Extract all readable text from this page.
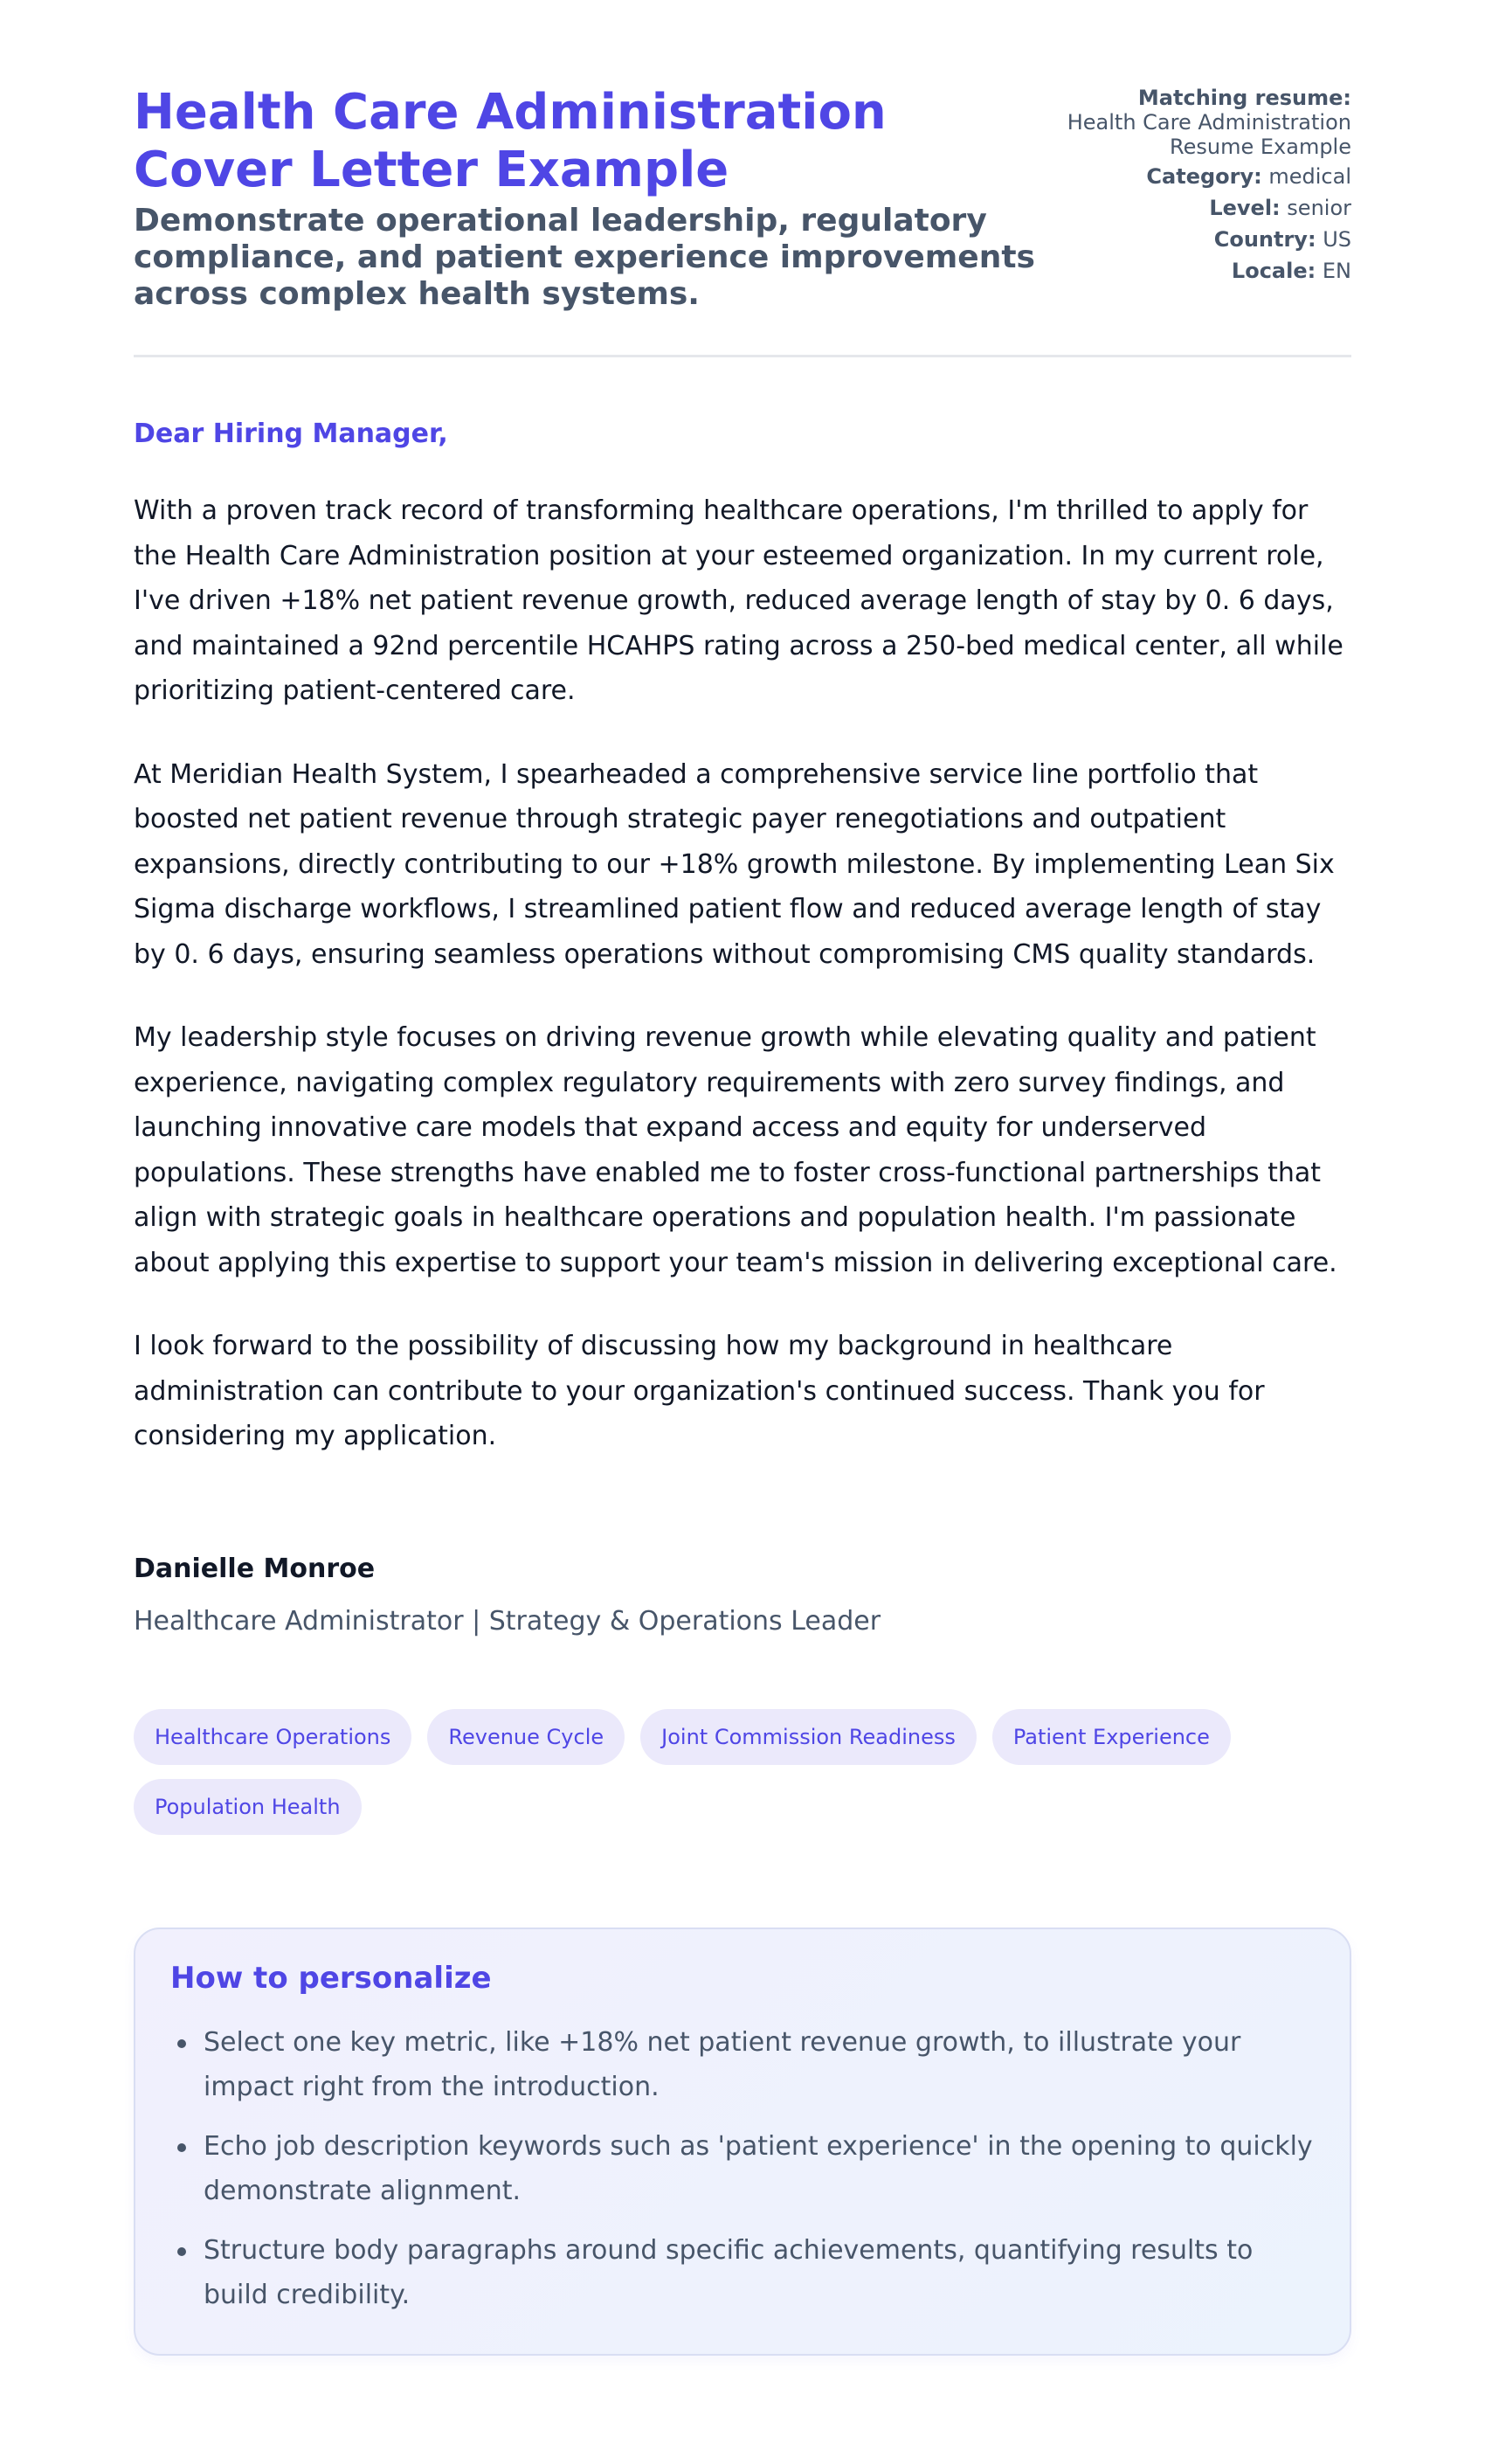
Health Care Administration
Cover Letter Example

Demonstrate operational leadership, regulatory compliance, and patient experience improvements across complex health systems.

Matching resume:
Health Care Administration Resume Example
Category: medical
Level: senior
Country: US
Locale: EN

Dear Hiring Manager,

With a proven track record of transforming healthcare operations, I'm thrilled to apply for the Health Care Administration position at your esteemed organization. In my current role, I've driven +18% net patient revenue growth, reduced average length of stay by 0. 6 days, and maintained a 92nd percentile HCAHPS rating across a 250-bed medical center, all while prioritizing patient-centered care.

At Meridian Health System, I spearheaded a comprehensive service line portfolio that boosted net patient revenue through strategic payer renegotiations and outpatient expansions, directly contributing to our +18% growth milestone. By implementing Lean Six Sigma discharge workflows, I streamlined patient flow and reduced average length of stay by 0. 6 days, ensuring seamless operations without compromising CMS quality standards.

My leadership style focuses on driving revenue growth while elevating quality and patient experience, navigating complex regulatory requirements with zero survey findings, and launching innovative care models that expand access and equity for underserved populations. These strengths have enabled me to foster cross-functional partnerships that align with strategic goals in healthcare operations and population health. I'm passionate about applying this expertise to support your team's mission in delivering exceptional care.

I look forward to the possibility of discussing how my background in healthcare administration can contribute to your organization's continued success. Thank you for considering my application.

Danielle Monroe

Healthcare Administrator | Strategy & Operations Leader

Healthcare Operations	Revenue Cycle	Joint Commission Readiness	Patient Experience
Population Health
How to personalize
Select one key metric, like +18% net patient revenue growth, to illustrate your impact right from the introduction.
Echo job description keywords such as 'patient experience' in the opening to quickly demonstrate alignment.
Structure body paragraphs around specific achievements, quantifying results to build credibility.
